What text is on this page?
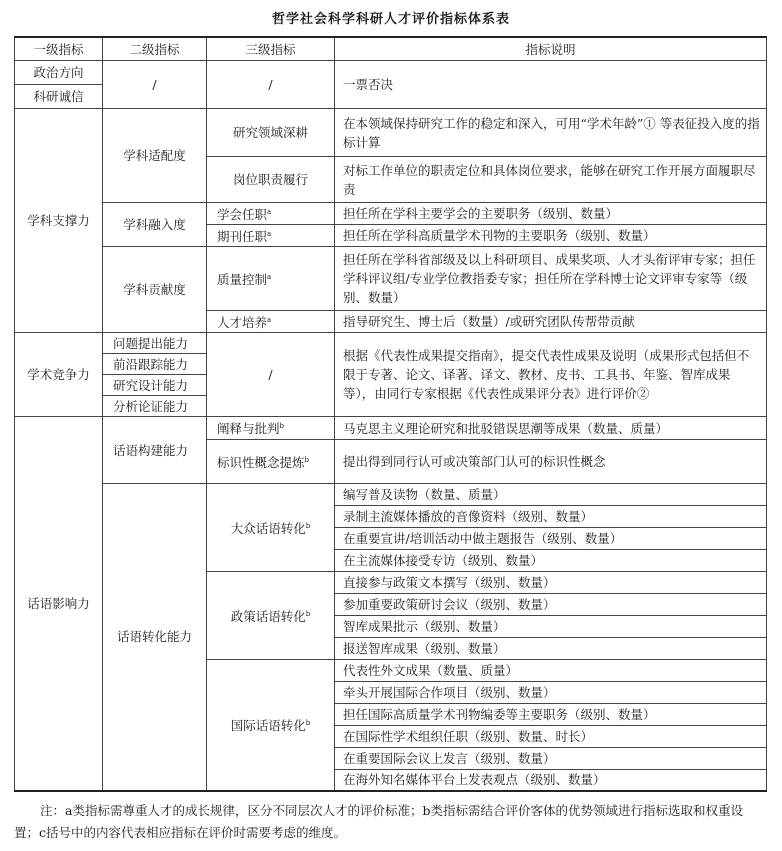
哲学社会科学科研人才评价指标体系表
一级指标	二级指标	三级指标	指标说明
政治方向	/	/	一票否决
科研诚信			
学科支撑力	学科适配度	研究领域深耕	在本领域保持研究工作的稳定和深入，可用“学术年龄”① 等表征投入度的指标计算
		岗位职责履行	对标工作单位的职责定位和具体岗位要求，能够在研究工作开展方面履职尽责
	学科融入度	学会任职$^a$	担任所在学科主要学会的主要职务（级别、数量）
		期刊任职$^a$	担任所在学科高质量学术刊物的主要职务（级别、数量）
	学科贡献度	质量控制$^a$	担任所在学科省部级及以上科研项目、成果奖项、人才头衔评审专家；担任学科评议组/专业学位教指委专家；担任所在学科博士论文评审专家等（级别、数量）
		人才培养$^a$	指导研究生、博士后（数量）/或研究团队传帮带贡献
学术竞争力	问题提出能力	/	根据《代表性成果提交指南》，提交代表性成果及说明（成果形式包括但不限于专著、论文、译著、译文、教材、皮书、工具书、年鉴、智库成果等），由同行专家根据《代表性成果评分表》进行评价②
	前沿跟踪能力		
	研究设计能力		
	分析论证能力		
话语影响力	话语构建能力	阐释与批判$^b$	马克思主义理论研究和批驳错误思潮等成果（数量、质量）
		标识性概念提炼$^b$	提出得到同行认可或决策部门认可的标识性概念
	话语转化能力	大众话语转化$^b$	编写普及读物（数量、质量）
			录制主流媒体播放的音像资料（级别、数量）
			在重要宣讲/培训活动中做主题报告（级别、数量）
			在主流媒体接受专访（级别、数量）
		政策话语转化$^b$	直接参与政策文本撰写（级别、数量）
			参加重要政策研讨会议（级别、数量）
			智库成果批示（级别、数量）
			报送智库成果（级别、数量）
		国际话语转化$^b$	代表性外文成果（数量、质量）
			牵头开展国际合作项目（级别、数量）
			担任国际高质量学术刊物编委等主要职务（级别、数量）
			在国际性学术组织任职（级别、数量、时长）
			在重要国际会议上发言（级别、数量）
			在海外知名媒体平台上发表观点（级别、数量）
注：a类指标需尊重人才的成长规律，区分不同层次人才的评价标准；b类指标需结合评价客体的优势领域进行指标选取和权重设置；c括号中的内容代表相应指标在评价时需要考虑的维度。
